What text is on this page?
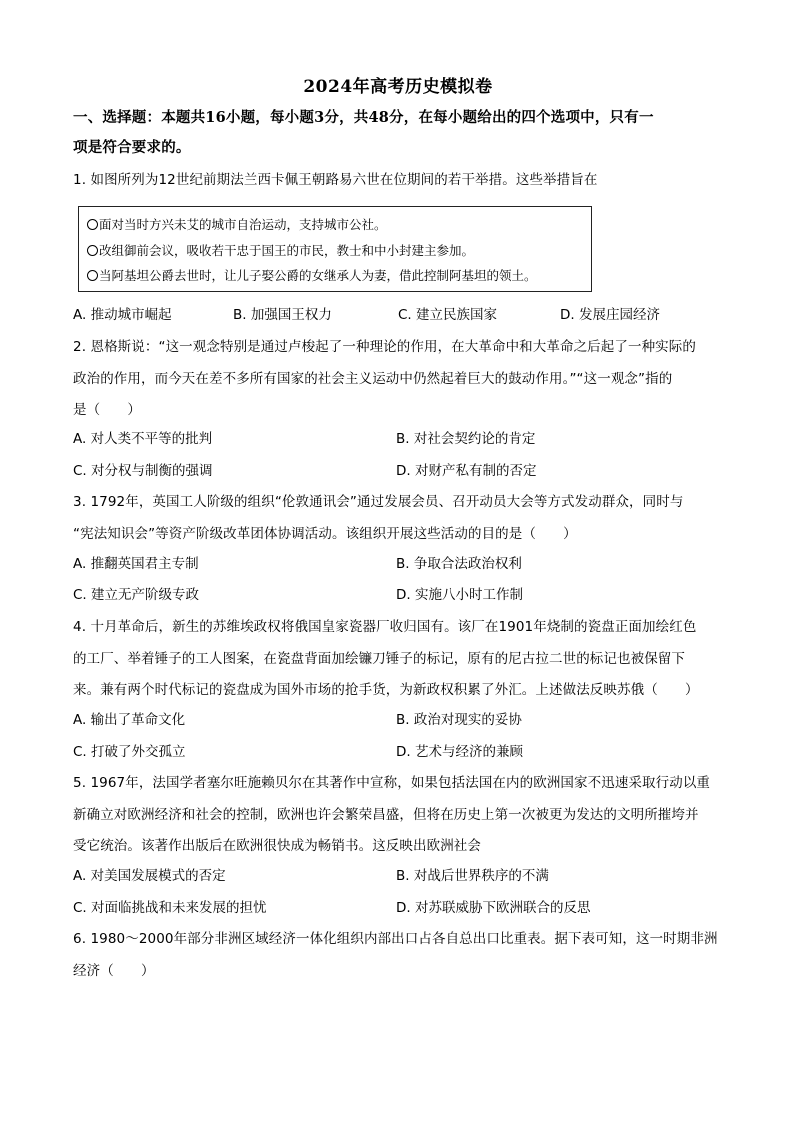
2024年高考历史模拟卷
一、选择题：本题共16小题，每小题3分，共48分，在每小题给出的四个选项中，只有一
项是符合要求的。
1. 如图所列为12世纪前期法兰西卡佩王朝路易六世在位期间的若干举措。这些举措旨在
面对当时方兴未艾的城市自治运动，支持城市公社。
改组御前会议，吸收若干忠于国王的市民，教士和中小封建主参加。
当阿基坦公爵去世时，让儿子娶公爵的女继承人为妻，借此控制阿基坦的领土。
A. 推动城市崛起	B. 加强国王权力	C. 建立民族国家	D. 发展庄园经济
2. 恩格斯说：“这一观念特别是通过卢梭起了一种理论的作用，在大革命中和大革命之后起了一种实际的
政治的作用，而今天在差不多所有国家的社会主义运动中仍然起着巨大的鼓动作用。”“这一观念”指的
是（　　）
A. 对人类不平等的批判	B. 对社会契约论的肯定
C. 对分权与制衡的强调	D. 对财产私有制的否定
3. 1792年，英国工人阶级的组织“伦敦通讯会”通过发展会员、召开动员大会等方式发动群众，同时与
“宪法知识会”等资产阶级改革团体协调活动。该组织开展这些活动的目的是（　　）
A. 推翻英国君主专制	B. 争取合法政治权利
C. 建立无产阶级专政	D. 实施八小时工作制
4. 十月革命后，新生的苏维埃政权将俄国皇家瓷器厂收归国有。该厂在1901年烧制的瓷盘正面加绘红色
的工厂、举着锤子的工人图案，在瓷盘背面加绘镰刀锤子的标记，原有的尼古拉二世的标记也被保留下
来。兼有两个时代标记的瓷盘成为国外市场的抢手货，为新政权积累了外汇。上述做法反映苏俄（　　）
A. 输出了革命文化	B. 政治对现实的妥协
C. 打破了外交孤立	D. 艺术与经济的兼顾
5. 1967年，法国学者塞尔旺施赖贝尔在其著作中宣称，如果包括法国在内的欧洲国家不迅速采取行动以重
新确立对欧洲经济和社会的控制，欧洲也许会繁荣昌盛，但将在历史上第一次被更为发达的文明所摧垮并
受它统治。该著作出版后在欧洲很快成为畅销书。这反映出欧洲社会
A. 对美国发展模式的否定	B. 对战后世界秩序的不满
C. 对面临挑战和未来发展的担忧	D. 对苏联威胁下欧洲联合的反思
6. 1980～2000年部分非洲区域经济一体化组织内部出口占各自总出口比重表。据下表可知，这一时期非洲
经济（　　）
